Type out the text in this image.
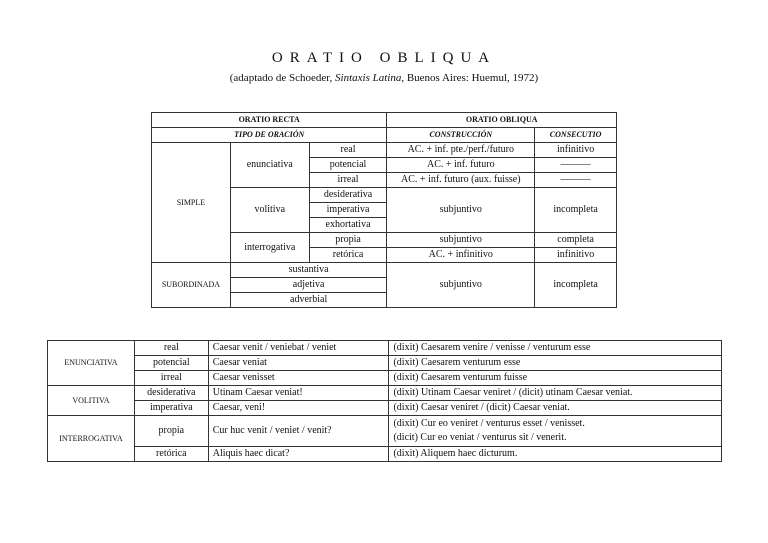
ORATIO OBLIQUA
(adaptado de Schoeder, Sintaxis Latina, Buenos Aires: Huemul, 1972)
ORATIO RECTA			ORATIO OBLIQUA	
TIPO DE ORACIÓN			CONSTRUCCIÓN	CONSECUTIO
SIMPLE	enunciativa	real	AC. + inf. pte./perf./futuro	infinitivo
		potencial	AC. + inf. futuro	———
		irreal	AC. + inf. futuro (aux. fuisse)	———
	volitiva	desiderativa	subjuntivo	incompleta
		imperativa		
		exhortativa		
	interrogativa	propia	subjuntivo	completa
		retórica	AC. + infinitivo	infinitivo
SUBORDINADA	sustantiva		subjuntivo	incompleta
	adjetiva			
	adverbial			
ENUNCIATIVA	real	Caesar venit / veniebat / veniet	(dixit) Caesarem venire / venisse / venturum esse
	potencial	Caesar veniat	(dixit) Caesarem venturum esse
	irreal	Caesar venisset	(dixit) Caesarem venturum fuisse
VOLITIVA	desiderativa	Utinam Caesar veniat!	(dixit) Utinam Caesar veniret / (dicit) utinam Caesar veniat.
	imperativa	Caesar, veni!	(dixit) Caesar veniret / (dicit) Caesar veniat.
INTERROGATIVA	propia	Cur huc venit / veniet / venit?	(dixit) Cur eo veniret / venturus esset / venisset.
(dicit) Cur eo veniat / venturus sit / venerit.

	retórica	Aliquis haec dicat?	(dixit) Aliquem haec dicturum.
